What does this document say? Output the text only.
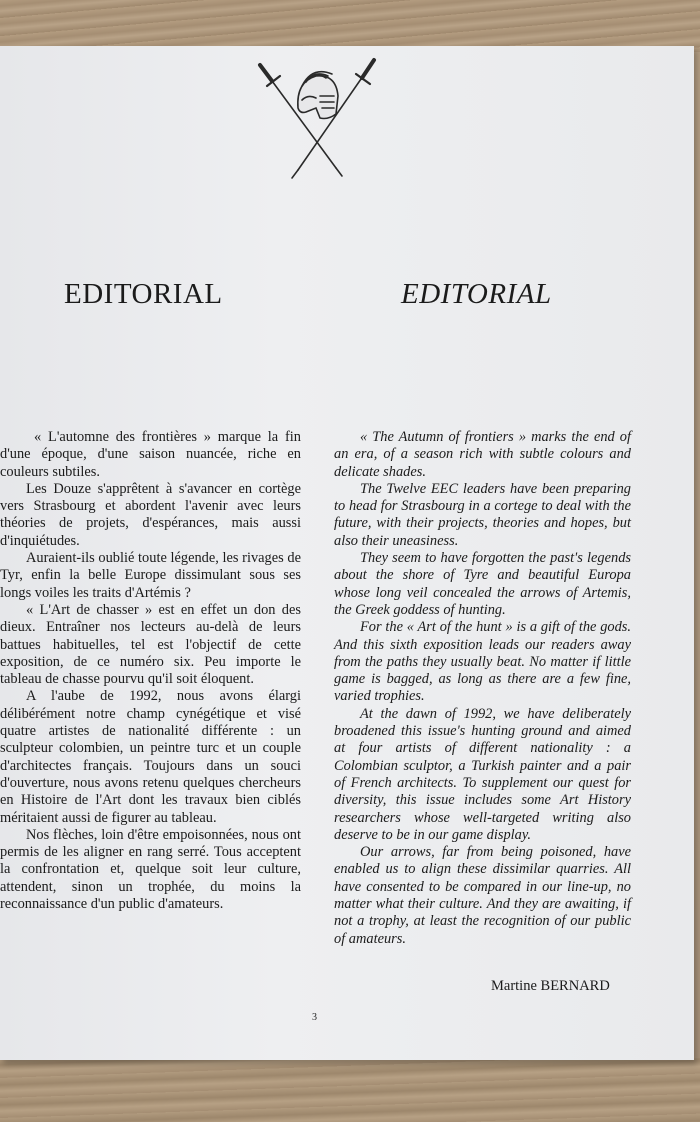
EDITORIAL	EDITORIAL

« L'automne des frontières » marque la fin d'une époque, d'une saison nuancée, riche en couleurs subtiles.

Les Douze s'apprêtent à s'avancer en cortège vers Strasbourg et abordent l'avenir avec leurs théories de projets, d'espérances, mais aussi d'inquiétudes.

Auraient-ils oublié toute légende, les rivages de Tyr, enfin la belle Europe dissimulant sous ses longs voiles les traits d'Artémis ?

« L'Art de chasser » est en effet un don des dieux. Entraîner nos lecteurs au-delà de leurs battues habituelles, tel est l'objectif de cette exposition, de ce numéro six. Peu importe le tableau de chasse pourvu qu'il soit éloquent.

A l'aube de 1992, nous avons élargi délibérément notre champ cynégétique et visé quatre artistes de nationalité différente : un sculpteur colombien, un peintre turc et un couple d'architectes français. Toujours dans un souci d'ouverture, nous avons retenu quelques chercheurs en Histoire de l'Art dont les travaux bien ciblés méritaient aussi de figurer au tableau.

Nos flèches, loin d'être empoisonnées, nous ont permis de les aligner en rang serré. Tous acceptent la confrontation et, quelque soit leur culture, attendent, sinon un trophée, du moins la reconnaissance d'un public d'amateurs.

« The Autumn of frontiers » marks the end of an era, of a season rich with subtle colours and delicate shades.

The Twelve EEC leaders have been preparing to head for Strasbourg in a cortege to deal with the future, with their projects, theories and hopes, but also their uneasiness.

They seem to have forgotten the past's legends about the shore of Tyre and beautiful Europa whose long veil concealed the arrows of Artemis, the Greek goddess of hunting.

For the « Art of the hunt » is a gift of the gods. And this sixth exposition leads our readers away from the paths they usually beat. No matter if little game is bagged, as long as there are a few fine, varied trophies.

At the dawn of 1992, we have deliberately broadened this issue's hunting ground and aimed at four artists of different nationality : a Colombian sculptor, a Turkish painter and a pair of French architects. To supplement our quest for diversity, this issue includes some Art History researchers whose well-targeted writing also deserve to be in our game display.

Our arrows, far from being poisoned, have enabled us to align these dissimilar quarries. All have consented to be compared in our line-up, no matter what their culture. And they are awaiting, if not a trophy, at least the recognition of our public of amateurs.

Martine BERNARD

3
